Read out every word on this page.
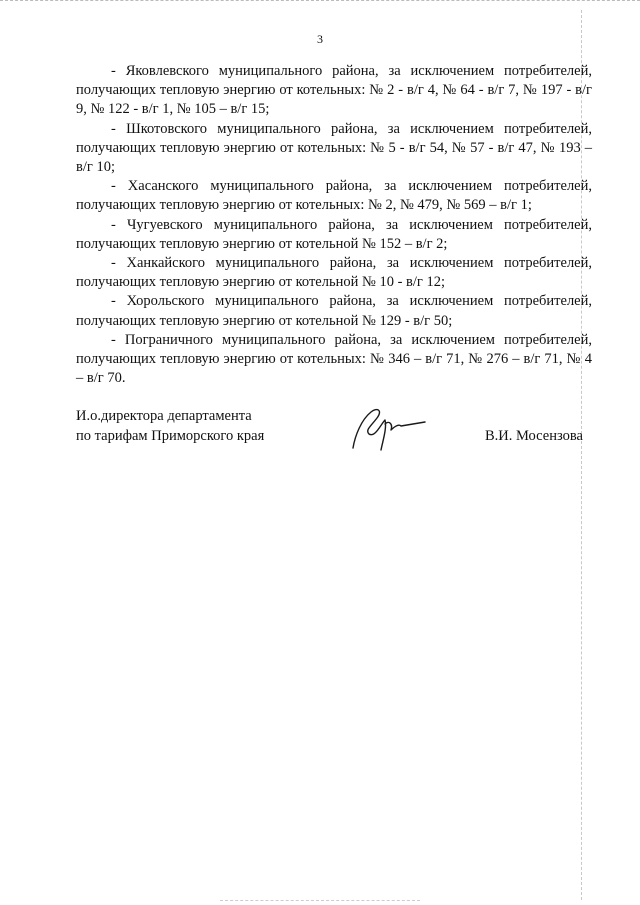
3

- Яковлевского муниципального района, за исключением потребителей, получающих тепловую энергию от котельных: № 2 - в/г 4, № 64 - в/г 7, № 197 - в/г 9, № 122 - в/г 1, № 105 – в/г 15;

- Шкотовского муниципального района, за исключением потребителей, получающих тепловую энергию от котельных: № 5 - в/г 54, № 57 - в/г 47, № 193 – в/г 10;

- Хасанского муниципального района, за исключением потребителей, получающих тепловую энергию от котельных: № 2, № 479, № 569 – в/г 1;

- Чугуевского муниципального района, за исключением потребителей, получающих тепловую энергию от котельной № 152 – в/г 2;

- Ханкайского муниципального района, за исключением потребителей, получающих тепловую энергию от котельной № 10 - в/г 12;

- Хорольского муниципального района, за исключением потребителей, получающих тепловую энергию от котельной № 129 - в/г 50;

- Пограничного муниципального района, за исключением потребителей, получающих тепловую энергию от котельных: № 346 – в/г 71, № 276 – в/г 71, № 4 – в/г 70.

И.о.директора департамента
по тарифам Приморского края	В.И. Мосензова
